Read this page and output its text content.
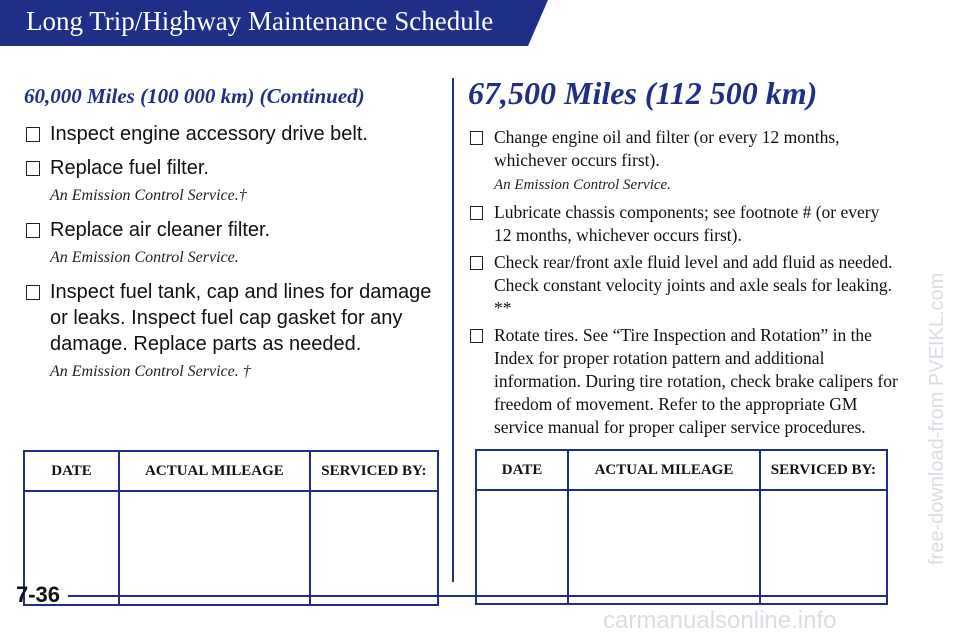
Long Trip/Highway Maintenance Schedule
60,000 Miles (100 000 km) (Continued)
Inspect engine accessory drive belt.
Replace fuel filter.
An Emission Control Service.†
Replace air cleaner filter.
An Emission Control Service.
Inspect fuel tank, cap and lines for damage or leaks. Inspect fuel cap gasket for any damage. Replace parts as needed.
An Emission Control Service. †
DATE	ACTUAL MILEAGE	SERVICED BY:

67,500 Miles (112 500 km)
Change engine oil and filter (or every 12 months, whichever occurs first).
An Emission Control Service.
Lubricate chassis components; see footnote # (or every 12 months, whichever occurs first).
Check rear/front axle fluid level and add fluid as needed. Check constant velocity joints and axle seals for leaking. **
Rotate tires. See “Tire Inspection and Rotation” in the Index for proper rotation pattern and additional information. During tire rotation, check brake calipers for freedom of movement. Refer to the appropriate GM service manual for proper caliper service procedures.
DATE	ACTUAL MILEAGE	SERVICED BY:

7-36
free-download-from PVEIKL.com
carmanualsonline.info
